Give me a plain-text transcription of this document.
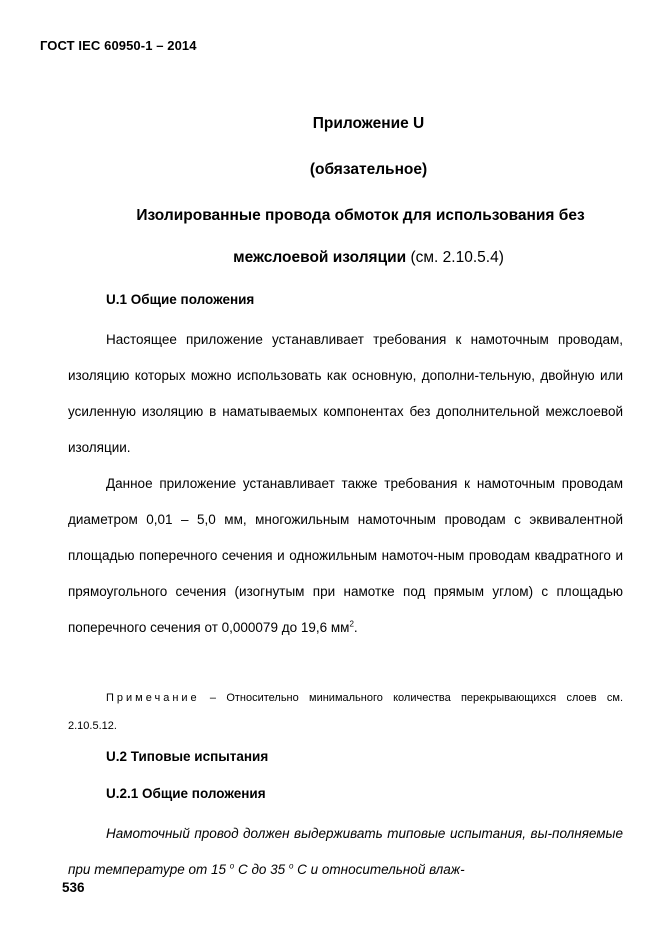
ГОСТ IEC 60950-1 – 2014
Приложение U
(обязательное)
Изолированные провода обмоток для использования без
межслоевой изоляции (см. 2.10.5.4)
U.1 Общие положения
Настоящее приложение устанавливает требования к намоточным проводам, изоляцию которых можно использовать как основную, дополни-тельную, двойную или усиленную изоляцию в наматываемых компонентах без дополнительной межслоевой изоляции.
Данное приложение устанавливает также требования к намоточным проводам диаметром 0,01 – 5,0 мм, многожильным намоточным проводам с эквивалентной площадью поперечного сечения и одножильным намоточ-ным проводам квадратного и прямоугольного сечения (изогнутым при намотке под прямым углом) с площадью поперечного сечения от 0,000079 до 19,6 $мм^2$.
Примечание – Относительно минимального количества перекрывающихся слоев см. 2.10.5.12.
U.2 Типовые испытания
U.2.1 Общие положения
Намоточный провод должен выдерживать типовые испытания, вы-полняемые при температуре от 15 $^o$ С до 35 $^o$ С и относительной влаж-
536
